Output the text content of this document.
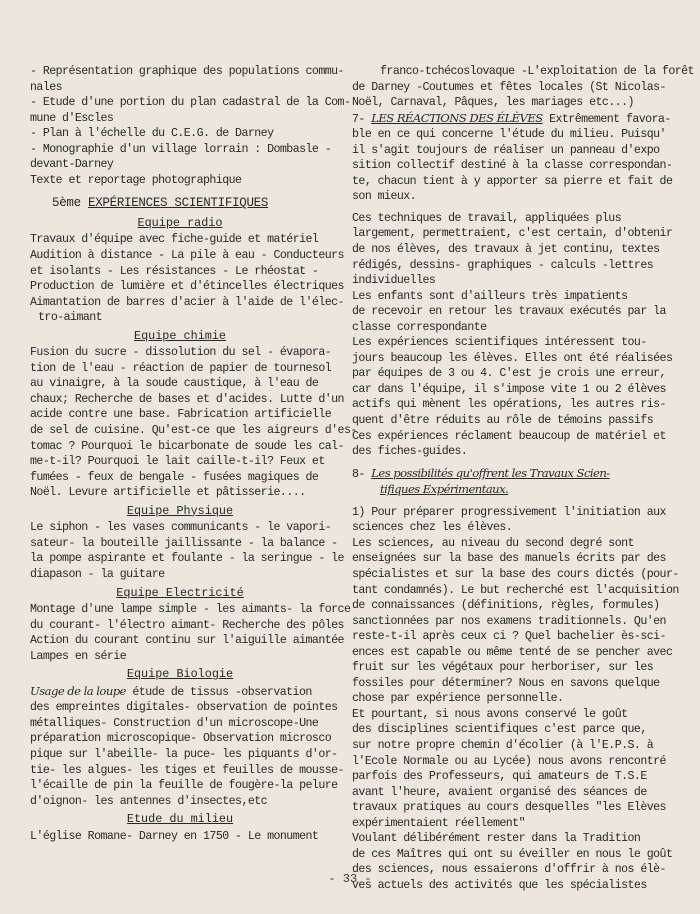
- Représentation graphique des populations commu-
nales
- Etude d'une portion du plan cadastral de la Com-
mune d'Escles
- Plan à l'échelle du C.E.G. de Darney
- Monographie d'un village lorrain : Dombasle -
devant-Darney
Texte et reportage photographique
5ème EXPÉRIENCES SCIENTIFIQUES
Equipe radio
Travaux d'équipe avec fiche-guide et matériel
Audition à distance - La pile à eau - Conducteurs
et isolants - Les résistances - Le rhéostat -
Production de lumière et d'étincelles électriques
Aimantation de barres d'acier à l'aide de l'élec-
tro-aimant
Equipe chimie
Fusion du sucre - dissolution du sel - évapora-
tion de l'eau - réaction de papier de tournesol
au vinaigre, à la soude caustique, à l'eau de
chaux; Recherche de bases et d'acides. Lutte d'un
acide contre une base. Fabrication artificielle
de sel de cuisine. Qu'est-ce que les aigreurs d'es-
tomac ? Pourquoi le bicarbonate de soude les cal-
me-t-il? Pourquoi le lait caille-t-il? Feux et
fumées - feux de bengale - fusées magiques de
Noël. Levure artificielle et pâtisserie....
Equipe Physique
Le siphon - les vases communicants - le vapori-
sateur- la bouteille jaillissante - la balance -
la pompe aspirante et foulante - la seringue - le
diapason - la guitare
Equipe Electricité
Montage d'une lampe simple - les aimants- la force
du courant- l'électro aimant- Recherche des pôles
Action du courant continu sur l'aiguille aimantée
Lampes en série
Equipe Biologie
Usage de la loupe étude de tissus -observation
des empreintes digitales- observation de pointes
métalliques- Construction d'un microscope-Une
préparation microscopique- Observation microsco
pique sur l'abeille- la puce- les piquants d'or-
tie- les algues- les tiges et feuilles de mousse-
l'écaille de pin la feuille de fougère-la pelure
d'oignon- les antennes d'insectes,etc
Etude du milieu
L'église Romane- Darney en 1750 - Le monument
franco-tchécoslovaque -L'exploitation de la forêt
de Darney -Coutumes et fêtes locales (St Nicolas-
Noël, Carnaval, Pâques, les mariages etc...)
7- LES RÉACTIONS DES ÉLÈVES Extrêmement favora-
ble en ce qui concerne l'étude du milieu. Puisqu'
il s'agit toujours de réaliser un panneau d'expo
sition collectif destiné à la classe correspondan-
te, chacun tient à y apporter sa pierre et fait de
son mieux.
Ces techniques de travail, appliquées plus
largement, permettraient, c'est certain, d'obtenir
de nos élèves, des travaux à jet continu, textes
rédigés, dessins- graphiques - calculs -lettres
individuelles
Les enfants sont d'ailleurs très impatients
de recevoir en retour les travaux exécutés par la
classe correspondante
Les expériences scientifiques intéressent tou-
jours beaucoup les élèves. Elles ont été réalisées
par équipes de 3 ou 4. C'est je crois une erreur,
car dans l'équipe, il s'impose vite 1 ou 2 élèves
actifs qui mènent les opérations, les autres ris-
quent d'être réduits au rôle de témoins passifs
Ces expériences réclament beaucoup de matériel et
des fiches-guides.
8- Les possibilités qu'offrent les Travaux Scien-
tifiques Expérimentaux.
1) Pour préparer progressivement l'initiation aux
sciences chez les élèves.
Les sciences, au niveau du second degré sont
enseignées sur la base des manuels écrits par des
spécialistes et sur la base des cours dictés (pour-
tant condamnés). Le but recherché est l'acquisition
de connaissances (définitions, règles, formules)
sanctionnées par nos examens traditionnels. Qu'en
reste-t-il après ceux ci ? Quel bachelier ès-sci-
ences est capable ou même tenté de se pencher avec
fruit sur les végétaux pour herboriser, sur les
fossiles pour déterminer? Nous en savons quelque
chose par expérience personnelle.
Et pourtant, si nous avons conservé le goût
des disciplines scientifiques c'est parce que,
sur notre propre chemin d'écolier (à l'E.P.S. à
l'Ecole Normale ou au Lycée) nous avons rencontré
parfois des Professeurs, qui amateurs de T.S.E
avant l'heure, avaient organisé des séances de
travaux pratiques au cours desquelles "les Elèves
expérimentaient réellement"
Voulant délibérément rester dans la Tradition
de ces Maîtres qui ont su éveiller en nous le goût
des sciences, nous essaierons d'offrir à nos élè-
ves actuels des activités que les spécialistes
- 33 -
